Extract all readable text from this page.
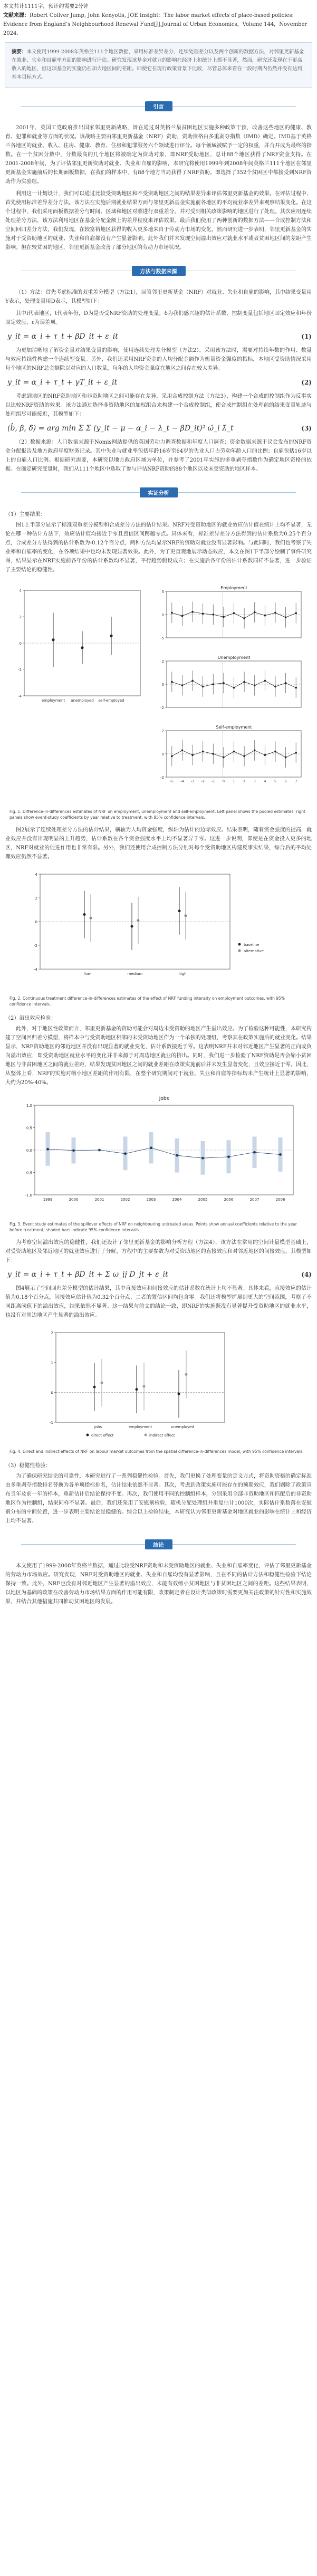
本文共计1111字，预计约需要2分钟
文献来源：Robert Collver Jump, John Kenyotis, JOE Insight：The labor market effects of place-based policies: Evidence from England’s Neighbourhood Renewal Fund[J].Journal of Urban Economics，Volume 144，November 2024.
摘要：本文使用1999-2008年英格兰111个地区数据，采用标准差异差分、连续处理差分以及两个创新的数据方法，对邻里更新基金在就业、失业和自雇率方面的影响进行评估。研究发现该基金对就业的影响在经济上和统计上都不显著，然而，研究还发现在于更高收入的地区，但这项基金的实施仍在加大地区间的差距。即使它在现行政策背景下比较，尽管总体来看在一段时期内仍然并没有达到基本目标方式。
引言

2001年，英国工党政府推出国家邻里更新战略，旨在通过对英格兰最贫困地区实施多种政策干预，改善这些地区的健康、教育、犯罪和就业等方面的状况。该战略主要由邻里更新基金（NRF）资助，资助资格由多重剥夺指数（IMD）确定。IMD基于英格兰各地区的就业、收入、住房、健康、教育、住房和犯罪服务六个领域进行评分。每个领域被赋予一定的权重，并合并成为最终的指数。在一个贫困分数中，分数最高的几个地区将被确定为资助对象，即NRF受助地区，总计88个地区获得了NRF资金支持。在2001-2008年间，为了评估邻里更新资助对就业、失业和自雇的影响，本研究将使用1999年到2008年间英格兰111个地区在邻里更新基金实施前后的长期面板数据，在我们的样本中，有88个地方当局获得了NRF资助。即选择了352个贫困区中都接受到NRF资助作为实验组。

利用这一计划设计，我们可以通过比较受资助地区和不受资助地区之间的结果差异来评估邻里更新基金的效果。在评估过程中，首先使用标准差异差分方法。该方法在实施后期就业结果方面与邻里更新基金实施前各地区的平均就业率差异来观察结果变化。在这个过程中，我们采用面板数据差分与时间、区域和地区对照进行双重差分，并对受到相关政策影响的地区进行了处理。其次应用连续处理差分方法，该方法利用地区在基金分配金额上的差异程度来评估效果。最后我们使用了两种创新的数据方法——合成控制方法和空间回归差分方法，我们发现，在较富裕地区获得的收入更多地来自于劳动力市场的变化，然而研究进一步表明，邻里更新基金的实施对于受资助地区的就业、失业和自雇都没有产生显著影响。此外我们并未发现空间溢出效应对就业水平或者贫困地区间的差距产生影响。但在较贫困的地区，邻里更新基金改善了部分地区的劳动力市场状况。

方法与数据来源

（1）方法：首先考虑标准的双重差分模型（方法1），回答邻里更新基金（NRF）对就业、失业和自雇的影响，其中结果变量用Y表示，处理变量用D表示，其模型如下：

其中i代表地区，t代表年份，D为是否受NRF资助的处理变量，δ为我们感兴趣的估计系数，控制变量包括地区固定效应和年份固定效应，ε为误差项。

y_it = α_i + τ_t + βD_it + ε_it	(1)

为更加清晰地了解资金量对结果变量的影响，使用连续处理差分模型（方法2）。采用该方法时，需要对持续年数的作用、数量与效应持续性构建一个连续型变量。另外，我们还采用NRF资金的人均分配金额作为衡量资金强度的指标，本地区受资助情况采用每个地区的NRF总金额除以对应的人口数量，每年的人均资金强度在地区之间存在较大差异。

y_it = α_i + τ_t + γT_it + ε_it	(2)

考虑到地区的NRF资助地区和非资助地区之间可能存在差异，采用合成控制方法（方法3），构建一个合成的控制组作为反事实以比较NRF资助的效果。该方法通过选择非资助地区的加权组合来构建一个合成控制组，使合成控制组在处理前的结果变量轨迹与处理组尽可能接近，其模型如下：

(b̂, β̂, δ̂) = arg min Σ Σ (y_it − μ − α_i − λ_t − βD_it)² ω̂_i λ̂_t	(3)

（2）数据来源：人口数据来源于Nomis网站提供的英国劳动力调查数据和年度人口调查；资金数据来源于议会发布的NRF资金分配报告及地方政府年度财务记录。其中失业与就业率包括年龄16岁至64岁的失业人口占劳动年龄人口的比例；自雇包括16岁以上的自雇人口比例。根据研究需要，本研究以地方政府区域为单位，并参考了2001年实施的多重剥夺指数作为确定地区资格的依据。在确定研究变量时，我们从111个地区中选取了参与评估NRF资助的88个地区以及未受资助的地区样本。

实证分析
（1）主要结果：

图1上半部分显示了标准双重差分模型和合成差分方法的估计结果。NRF对受资助地区的就业效应估计值在统计上均不显著，无论在哪一种估计方法下，效应估计值均接近于零且置信区间跨越零点。具体来看，标准差异差分方法得到的估计系数为0.25个百分点，合成差分方法得到的估计系数为-0.12个百分点，两种方法均显示NRF的资助对就业没有显著影响。与此同时，我们也考察了失业率和自雇率的变化，在各项结果中也均未发现显著效果。此外，为了更直观地展示动态效应，本文在图1下半部分绘制了事件研究图，结果显示在NRF实施前各年份的估计系数均不显著，平行趋势假设成立；在实施后各年份的估计系数同样不显著，进一步验证了主要结论的稳健性。

4
2
0
-2
-4
employment unemployed self-employed
Employment
5
0
-5
Unemployment
2
0
-2
Self-employment
2
0
-2
-5 -4 -3 -2 -1 0 1 2 3 4 5 6 7
Fig. 1. Difference-in-differences estimates of NRF on employment, unemployment and self-employment. Left panel shows the pooled estimates; right panels show event-study coefficients by year relative to treatment, with 95% confidence intervals.

图2展示了连续处理差分方法的估计结果，横轴为人均资金强度，纵轴为估计的边际效应。结果表明，随着资金强度的提高，就业效应并没有出现明显的上升趋势，估计系数在各个资金强度水平上均不显著异于零。这进一步说明，即使是在资金投入更多的地区，NRF对就业的促进作用也非常有限。另外，我们还使用合成控制方法分别对每个受资助地区构建反事实结果，综合后的平均处理效应仍然不显著。

4
2
0
-2
-4
low	medium	high
baseline
alternative
Fig. 2. Continuous treatment difference-in-differences estimates of the effect of NRF funding intensity on employment outcomes, with 95% confidence intervals.
（2）溢出效应检验：

此外，对于地区性政策而言，邻里更新基金的资助可能会对周边未受资助的地区产生溢出效应。为了检验这种可能性，本研究构建了空间回归差分模型，将样本中与受资助地区相邻的未受资助地区作为一个单独的处理组，考察其在政策实施后的就业变化。结果显示，NRF资助地区的邻近地区并没有出现显著的就业变化，估计系数接近于零。这表明NRF并未对邻近地区产生显著的正向或负向溢出效应，即受资助地区就业水平的变化并非来源于对周边地区就业的挤出。同时，我们进一步检验了NRF资助是否会缩小贫困地区与非贫困地区之间的就业差距，结果发现贫困地区之间的就业差距在政策实施前后并未发生显著变化，且效应接近于零。因此，从整体上看，NRF的实施对缩小地区差距的作用有限，在整个研究期间对于就业、失业和自雇等指标均未产生统计上显著的影响，大约为20%-40%。

Jobs
1.0
0.5
0.0
-0.5
-1.0
1999	2000	2001	2002	2003	2004	2005	2006	2007	2008
Fig. 3. Event study estimates of the spillover effects of NRF on neighbouring untreated areas. Points show annual coefficients relative to the year before treatment; shaded bars indicate 95% confidence intervals.

为考察空间溢出效应的稳健性，我们还设计了邻里更新基金的影响分析方程（方法4），该方法在常用的空间计量模型基础上，对受资助地区及邻近地区的就业效应进行了分解，方程中的主要参数为对受资助地区的直接效应和对邻近地区的间接效应，其模型如下：

y_it = α_i + τ_t + βD_it + Σ ω_ij D_jt + ε_it	(4)

图4展示了空间回归差分模型的估计结果，其中直接效应和间接效应的估计系数在统计上均不显著。具体来看，直接效应的估计值为0.18个百分点，间接效应估计值为0.32个百分点，二者的置信区间均包含零。我们还将模型扩展到更大的空间范围，考察了不同距离阈值下的溢出效应，结果依然不显著。这一结果与前文的结论一致，即NRF的实施既没有显著提升受资助地区的就业水平，也没有对周边地区产生显著的溢出效应。

2
1
0
-1
jobs	employment	unemployed
direct effect	indirect effect
Fig. 4. Direct and indirect effects of NRF on labour market outcomes from the spatial difference-in-differences model, with 95% confidence intervals.
（3）稳健性检验：

为了确保研究结论的可靠性，本研究进行了一系列稳健性检验。首先，我们更换了处理变量的定义方式，将资助资格的确定标准由多重剥夺指数排名替换为各单项指标排名，估计结果依然不显著。其次，考虑到政策实施可能存在的预期效应，我们剔除了政策宣布当年及前一年的样本，重新估计后结论保持不变。再次，我们使用不同的控制组样本，分别采用全部非资助地区和匹配后的非资助地区作为控制组，结果同样不显著。最后，我们还采用了安慰剂检验，随机分配处理组并重复估计1000次，实际估计系数落在安慰剂分布的中间位置，进一步表明主要结论是稳健的。综合以上检验结果，本研究认为邻里更新基金对地区就业的影响在统计上和经济上均不显著。

结论

本文使用了1999-2008年英格兰数据，通过比较受NRF资助和未受资助地区的就业、失业和自雇率变化，评估了邻里更新基金的劳动力市场效应。研究发现，NRF对受资助地区的就业、失业和自雇均没有显著影响，且在不同的估计方法和稳健性检验下结论保持一致。此外，NRF也没有对邻近地区产生显著的溢出效应，未能有效缩小贫困地区与非贫困地区之间的差距。这些结果表明，以地区为基础的政策在改善劳动力市场结果方面的作用可能有限，政策制定者在设计类似政策时需要更加关注政策的针对性和实施效果，并结合其他措施共同推动贫困地区的发展。
